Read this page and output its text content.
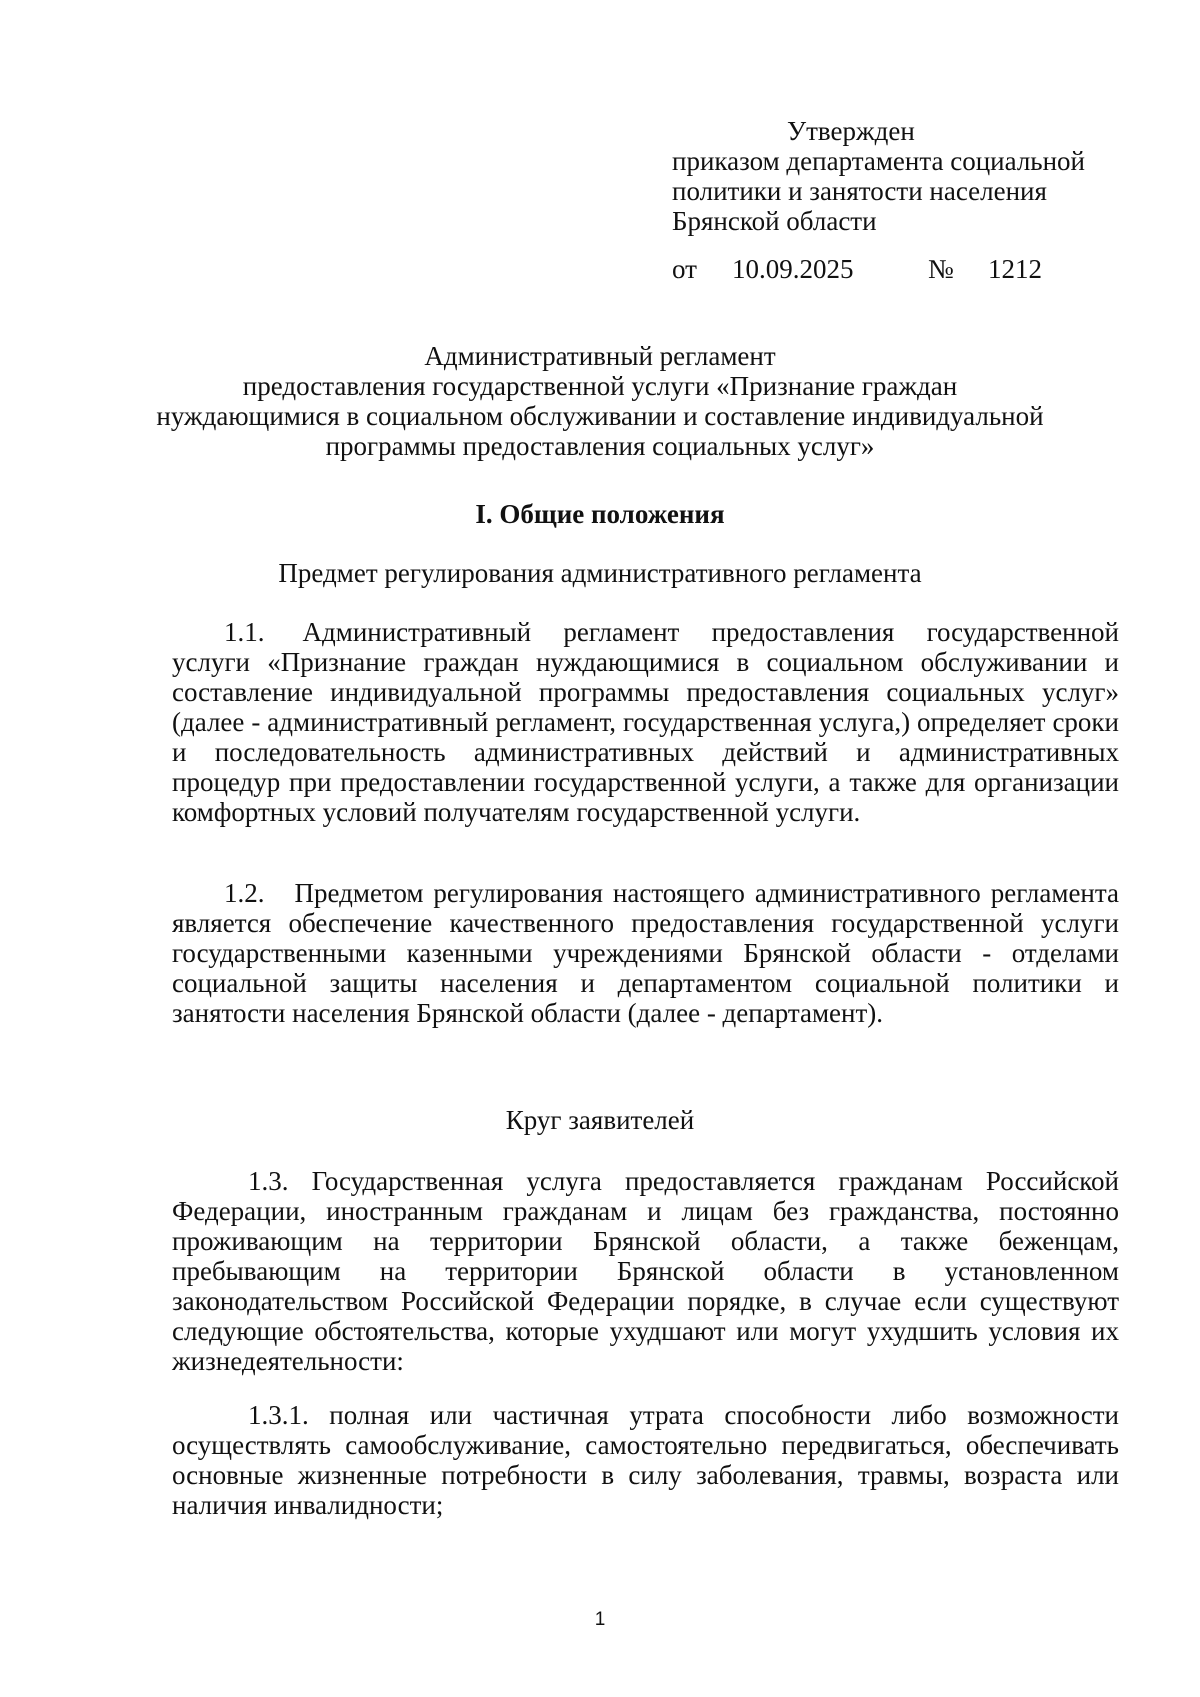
Утвержден
приказом департамента социальной
политики и занятости населения
Брянской области
от 10.09.2025	№ 1212
Административный регламент
предоставления государственной услуги «Признание граждан
нуждающимися в социальном обслуживании и составление индивидуальной
программы предоставления социальных услуг»
I. Общие положения
Предмет регулирования административного регламента

1.1. Административный регламент предоставления государственной услуги «Признание граждан нуждающимися в социальном обслуживании и составление индивидуальной программы предоставления социальных услуг» (далее - административный регламент, государственная услуга,) определяет сроки и последовательность административных действий и административных процедур при предоставлении государственной услуги, а также для организации комфортных условий получателям государственной услуги.

1.2. Предметом регулирования настоящего административного регламента является обеспечение качественного предоставления государственной услуги государственными казенными учреждениями Брянской области - отделами социальной защиты населения и департаментом социальной политики и занятости населения Брянской области (далее - департамент).

Круг заявителей

1.3. Государственная услуга предоставляется гражданам Российской Федерации, иностранным гражданам и лицам без гражданства, постоянно проживающим на территории Брянской области, а также беженцам, пребывающим на территории Брянской области в установленном законодательством Российской Федерации порядке, в случае если существуют следующие обстоятельства, которые ухудшают или могут ухудшить условия их жизнедеятельности:

1.3.1. полная или частичная утрата способности либо возможности осуществлять самообслуживание, самостоятельно передвигаться, обеспечивать основные жизненные потребности в силу заболевания, травмы, возраста или наличия инвалидности;

1
